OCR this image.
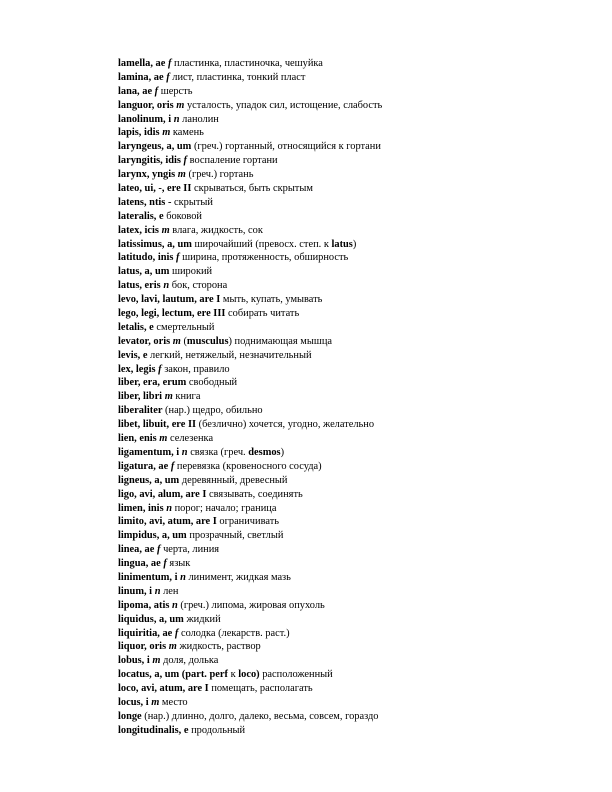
lamella, ae f пластинка, пластиночка, чешуйка
lamina, ae f лист, пластинка, тонкий пласт
lana, ae f шерсть
languor, oris m усталость, упадок сил, истощение, слабость
lanolinum, i n ланолин
lapis, idis m камень
laryngeus, a, um (греч.) гортанный, относящийся к гортани
laryngitis, idis f воспаление гортани
larynx, yngis m (греч.) гортань
lateo, ui, -, ere II скрываться, быть скрытым
latens, ntis - скрытый
lateralis, e боковой
latex, icis m влага, жидкость, сок
latissimus, a, um широчайший (превосх. степ. к latus)
latitudo, inis f ширина, протяженность, обширность
latus, a, um широкий
latus, eris n бок, сторона
levo, lavi, lautum, are I мыть, купать, умывать
lego, legi, lectum, ere III собирать читать
letalis, e смертельный
levator, oris m (musculus) поднимающая мышца
levis, e легкий, нетяжелый, незначительный
lex, legis f закон, правило
liber, era, erum свободный
liber, libri m книга
liberaliter (нар.) щедро, обильно
libet, libuit, ere II (безлично) хочется, угодно, желательно
lien, enis m селезенка
ligamentum, i n связка (греч. desmos)
ligatura, ae f перевязка (кровеносного сосуда)
ligneus, a, um деревянный, древесный
ligo, avi, alum, are I связывать, соединять
limen, inis n порог; начало; граница
limito, avi, atum, are I ограничивать
limpidus, a, um прозрачный, светлый
linea, ae f черта, линия
lingua, ae f язык
linimentum, i n линимент, жидкая мазь
linum, i n лен
lipoma, atis n (греч.) липома, жировая опухоль
liquidus, a, um жидкий
liquiritia, ae f солодка (лекарств. раст.)
liquor, oris m жидкость, раствор
lobus, i m доля, долька
locatus, a, um (part. perf к loco) расположенный
loco, avi, atum, are I помещать, располагать
locus, i m место
longe (нар.) длинно, долго, далеко, весьма, совсем, гораздо
longitudinalis, e продольный
